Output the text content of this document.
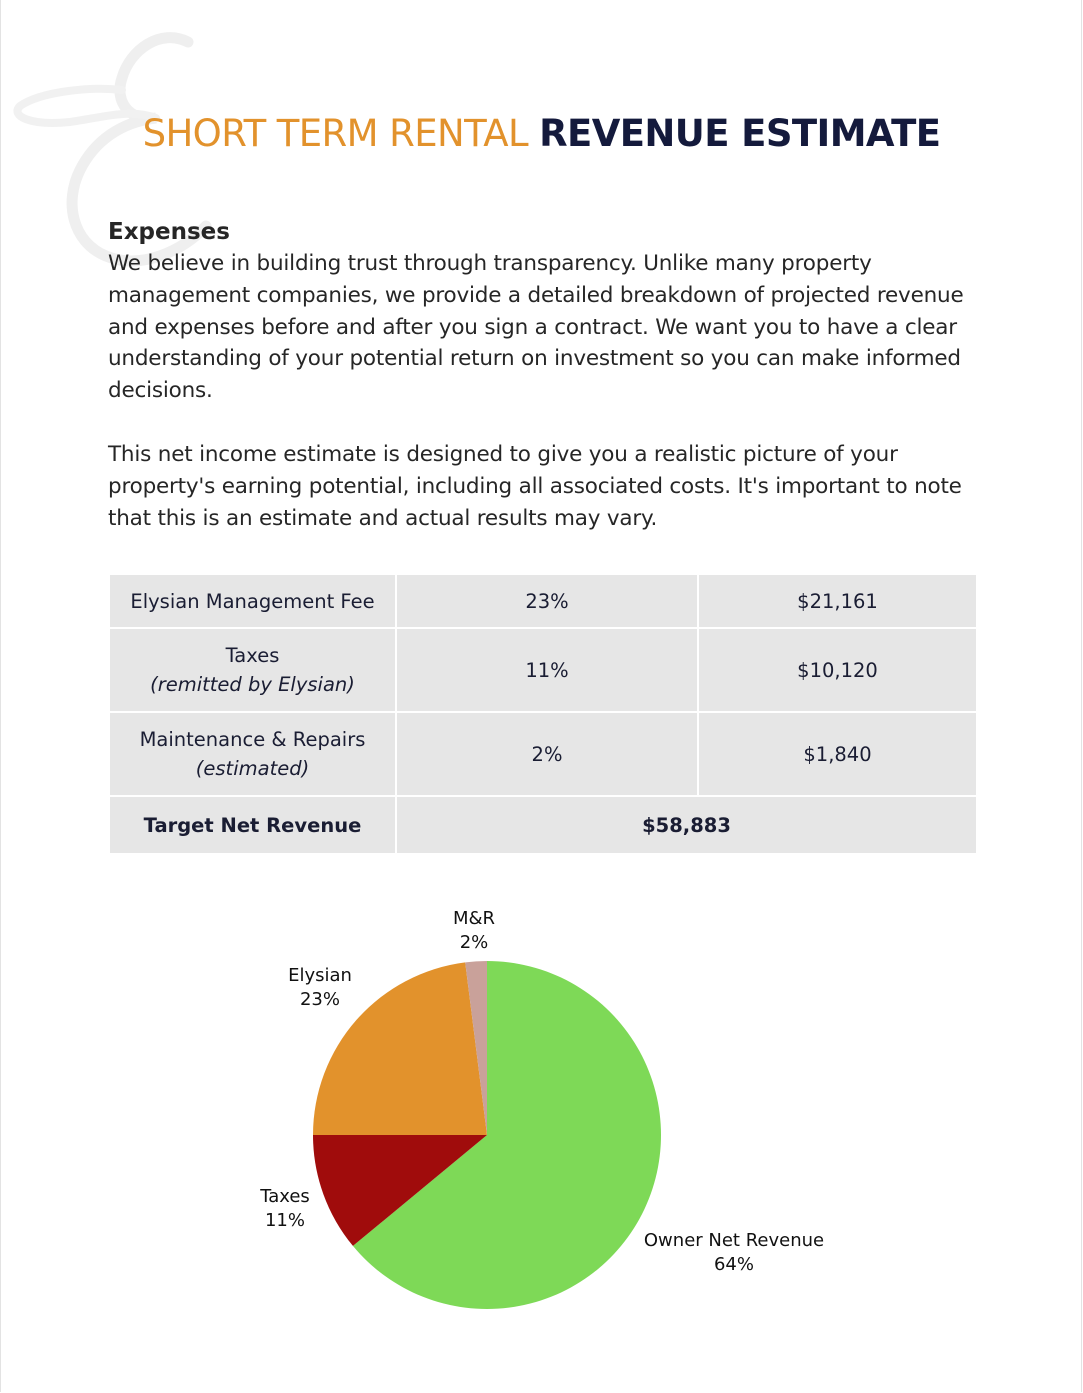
SHORT TERM RENTAL REVENUE ESTIMATE
Expenses

We believe in building trust through transparency. Unlike many property management companies, we provide a detailed breakdown of projected revenue and expenses before and after you sign a contract. We want you to have a clear understanding of your potential return on investment so you can make informed decisions.

This net income estimate is designed to give you a realistic picture of your property's earning potential, including all associated costs. It's important to note that this is an estimate and actual results may vary.

Elysian Management Fee	23%	$21,161

Taxes
(remitted by Elysian)	11%	$10,120

Maintenance & Repairs
(estimated)	2%	$1,840
Target Net Revenue	$58,883	
Owner Net Revenue 64%
Taxes 11%
Elysian 23%
M&R 2%
